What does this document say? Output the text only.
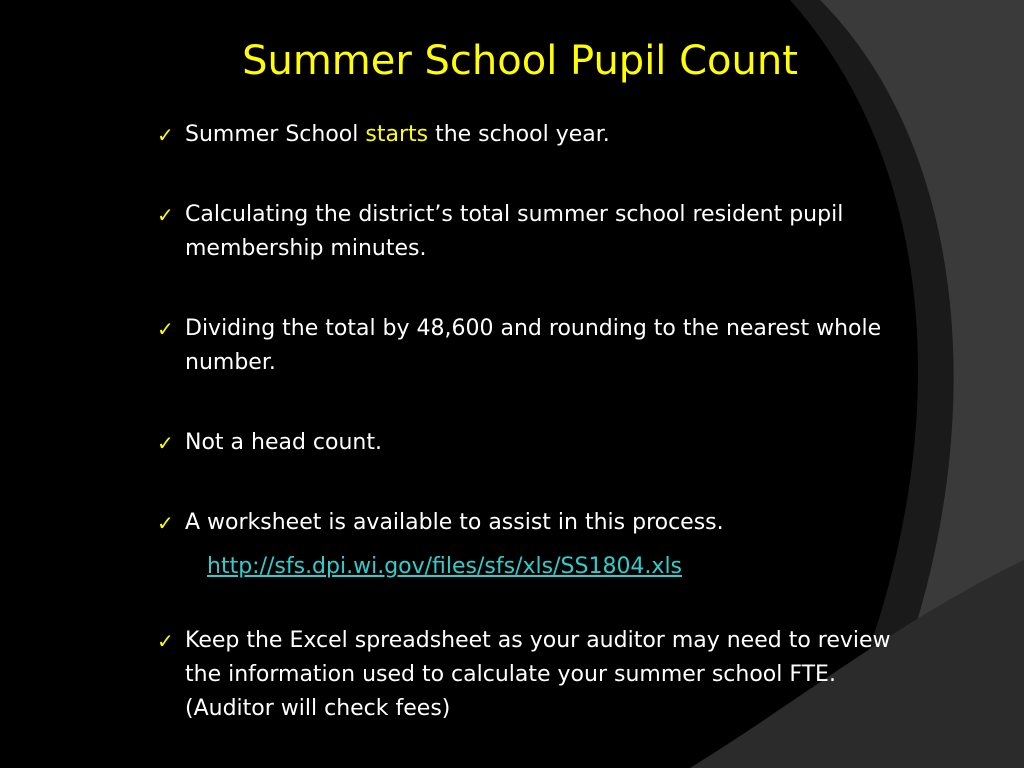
Summer School Pupil Count
✓ Summer School starts the school year.
✓ Calculating the district’s total summer school resident pupil membership minutes.
✓ Dividing the total by 48,600 and rounding to the nearest whole number.
✓ Not a head count.
✓ A worksheet is available to assist in this process.
http://sfs.dpi.wi.gov/files/sfs/xls/SS1804.xls
✓ Keep the Excel spreadsheet as your auditor may need to review the information used to calculate your summer school FTE. (Auditor will check fees)
